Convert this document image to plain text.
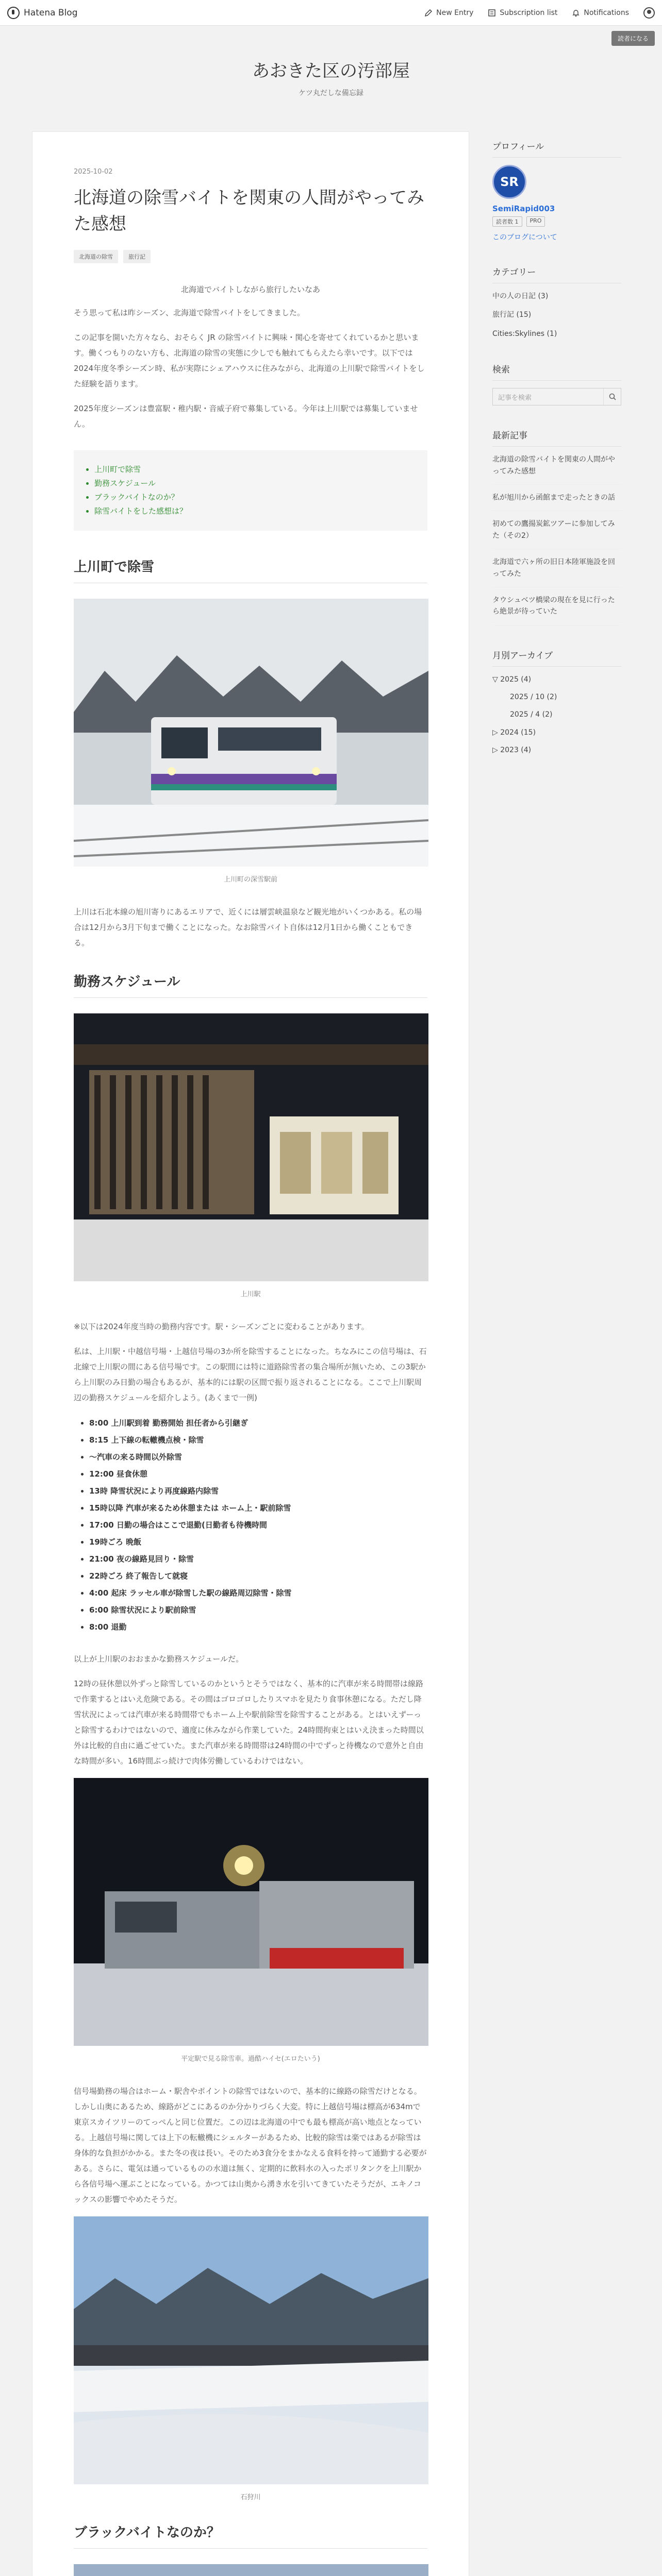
Hatena Blog	New Entry	Subscription list	Notifications
読者になる
あおきた区の汚部屋
ケツ丸だしな備忘録
2025-10-02
北海道の除雪バイトを関東の人間がやってみた感想
北海道の除雪	旅行記
北海道でバイトしながら旅行したいなあ

そう思って私は昨シーズン、北海道で除雪バイトをしてきました。

この記事を開いた方々なら、おそらく JR の除雪バイトに興味・関心を寄せてくれているかと思います。働くつもりのない方も、北海道の除雪の実態に少しでも触れてもらえたら幸いです。以下では2024年度冬季シーズン時、私が実際にシェアハウスに住みながら、北海道の上川駅で除雪バイトをした経験を語ります。

2025年度シーズンは豊富駅・稚内駅・音威子府で募集している。今年は上川駅では募集していません。

• 上川町で除雪
• 勤務スケジュール
• ブラックバイトなのか？
• 除雪バイトをした感想は？
上川町で除雪
上川町の深雪駅前

上川は石北本線の旭川寄りにあるエリアで、近くには層雲峡温泉など観光地がいくつかある。私の場合は12月から3月下旬まで働くことになった。なお除雪バイト自体は12月1日から働くこともできる。

勤務スケジュール
上川駅

※以下は2024年度当時の勤務内容です。駅・シーズンごとに変わることがあります。

私は、上川駅・中越信号場・上越信号場の3か所を除雪することになった。ちなみにこの信号場は、石北線で上川駅の間にある信号場です。この駅間には特に道路除雪者の集合場所が無いため、この3駅から上川駅のみ日勤の場合もあるが、基本的には駅の区間で振り返されることになる。ここで上川駅周辺の勤務スケジュールを紹介しよう。(あくまで一例)

• 8:00 上川駅到着 勤務開始 担任者から引継ぎ
• 8:15 上下線の転轍機点検・除雪
• 〜汽車の来る時間以外除雪
• 12:00 昼食休憩
• 13時 降雪状況により再度線路内除雪
• 15時以降 汽車が来るため休憩または ホーム上・駅前除雪
• 17:00 日勤の場合はここで退勤(日勤者も待機時間
• 19時ごろ 晩飯
• 21:00 夜の線路見回り・除雪
• 22時ごろ 終了報告して就寝
• 4:00 起床 ラッセル車が除雪した駅の線路周辺除雪・除雪
• 6:00 除雪状況により駅前除雪
• 8:00 退勤

以上が上川駅のおおまかな勤務スケジュールだ。

12時の昼休憩以外ずっと除雪しているのかというとそうではなく、基本的に汽車が来る時間帯は線路で作業するとはいえ危険である。その間はゴロゴロしたりスマホを見たり食事休憩になる。ただし降雪状況によっては汽車が来る時間帯でもホーム上や駅前除雪を除雪することがある。とはいえずーっと除雪するわけではないので、適度に休みながら作業していた。24時間拘束とはいえ決まった時間以外は比較的自由に過ごせていた。また汽車が来る時間帯は24時間の中でずっと待機なので意外と自由な時間が多い。16時間ぶっ続けで肉体労働しているわけではない。

平定駅で見る除雪車。過酷ハイセ(エロたいう)

信号場勤務の場合はホーム・駅舎やポイントの除雪ではないので、基本的に線路の除雪だけとなる。しかし山奥にあるため、線路がどこにあるのか分かりづらく大変。特に上越信号場は標高が634mで東京スカイツリーのてっぺんと同じ位置だ。この辺は北海道の中でも最も標高が高い地点となっている。上越信号場に関しては上下の転轍機にシェルターがあるため、比較的除雪は楽ではあるが除雪は身体的な負担がかかる。また冬の夜は長い。そのため3食分をまかなえる食料を持って通勤する必要がある。さらに、電気は通っているものの水道は無く、定期的に飲料水の入ったポリタンクを上川駅から各信号場へ運ぶことになっている。かつては山奥から湧き水を引いてきていたそうだが、エキノコックスの影響でやめたそうだ。

石狩川
ブラックバイトなのか？

プロフィール
SR
SemiRapid003
読者数 1	PRO
このブログについて
カテゴリー
中の人の日記 (3)
旅行記 (15)
Cities:Skylines (1)
検索
記事を検索
最新記事
北海道の除雪バイトを関東の人間がやってみた感想
私が旭川から函館まで走ったときの話
初めての鷹揚炭鉱ツアーに参加してみた（その2）
北海道で六ヶ所の旧日本陸軍施設を回ってみた
タウシュベツ橋梁の現在を見に行ったら絶景が待っていた
月別アーカイブ
▽ 2025 (4)
2025 / 10 (2)
2025 / 4 (2)
▷ 2024 (15)
▷ 2023 (4)
